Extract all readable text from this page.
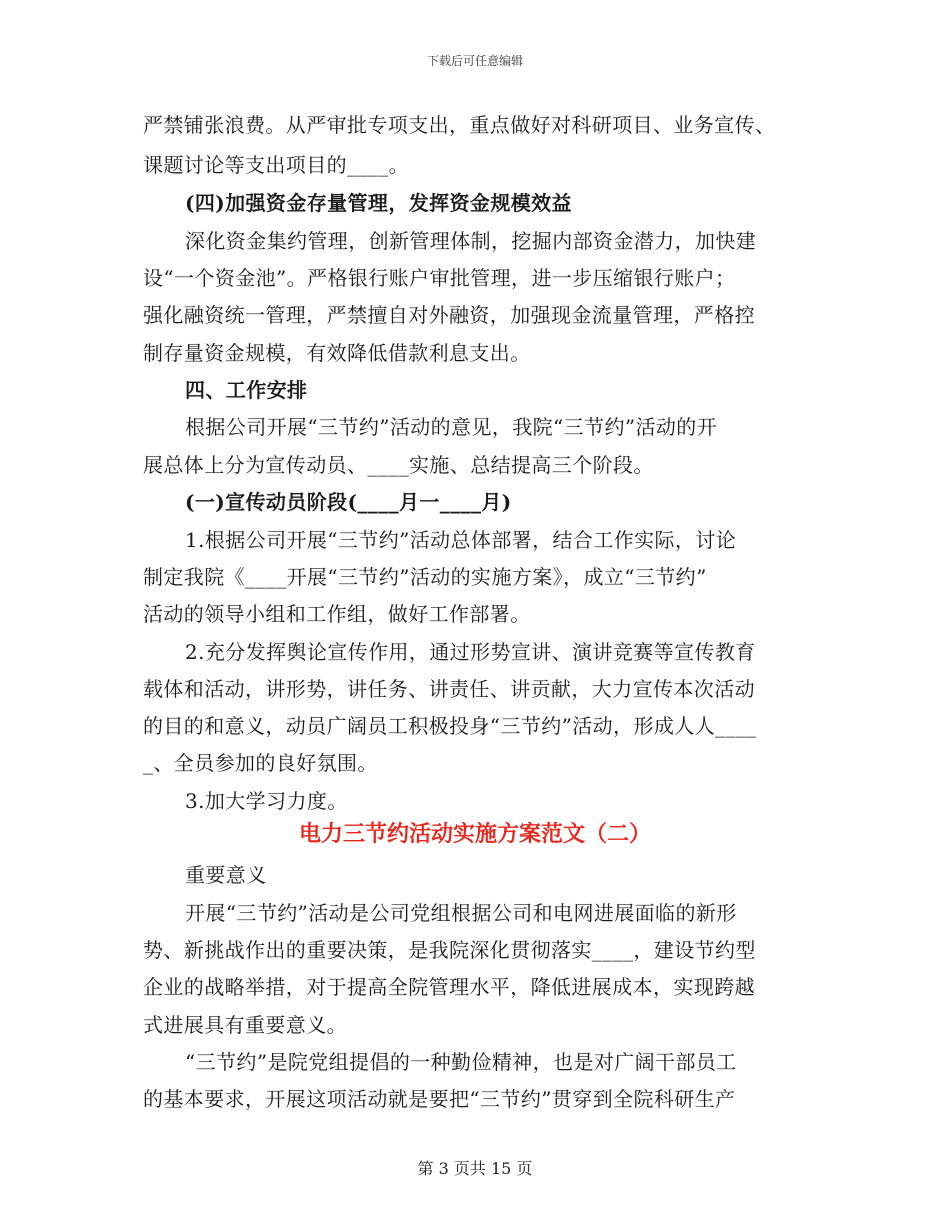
下载后可任意编辑
严禁铺张浪费。从严审批专项支出，重点做好对科研项目、业务宣传、
课题讨论等支出项目的____。
(四)加强资金存量管理，发挥资金规模效益
深化资金集约管理，创新管理体制，挖掘内部资金潜力，加快建
设“一个资金池”。严格银行账户审批管理，进一步压缩银行账户；
强化融资统一管理，严禁擅自对外融资，加强现金流量管理，严格控
制存量资金规模，有效降低借款利息支出。
四、工作安排
根据公司开展“三节约”活动的意见，我院“三节约”活动的开
展总体上分为宣传动员、____实施、总结提高三个阶段。
(一)宣传动员阶段(____月一____月)
1.根据公司开展“三节约”活动总体部署，结合工作实际，讨论
制定我院《____开展“三节约”活动的实施方案》，成立“三节约”
活动的领导小组和工作组，做好工作部署。
2.充分发挥舆论宣传作用，通过形势宣讲、演讲竞赛等宣传教育
载体和活动，讲形势，讲任务、讲责任、讲贡献，大力宣传本次活动
的目的和意义，动员广阔员工积极投身“三节约”活动，形成人人____
_、全员参加的良好氛围。
3.加大学习力度。
电力三节约活动实施方案范文（二）
重要意义
开展“三节约”活动是公司党组根据公司和电网进展面临的新形
势、新挑战作出的重要决策，是我院深化贯彻落实____，建设节约型
企业的战略举措，对于提高全院管理水平，降低进展成本，实现跨越
式进展具有重要意义。
“三节约”是院党组提倡的一种勤俭精神，也是对广阔干部员工
的基本要求，开展这项活动就是要把“三节约”贯穿到全院科研生产
第 3 页共 15 页
